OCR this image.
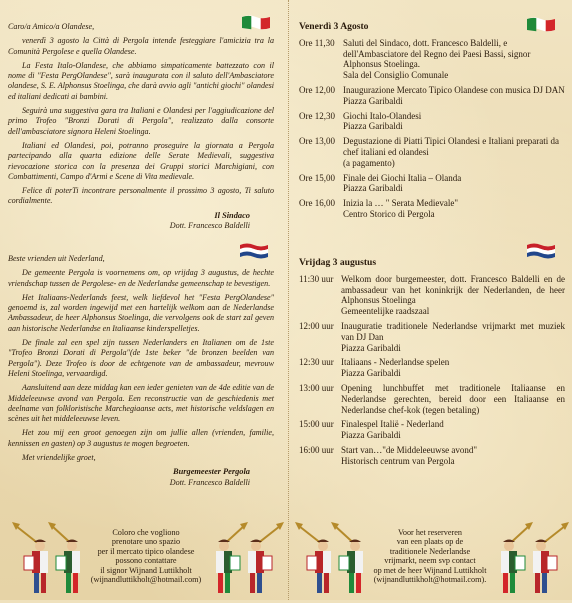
Caro/a Amico/a Olandese,

venerdì 3 agosto la Città di Pergola intende festeggiare l'amicizia tra la Comunità Pergolese e quella Olandese.

La Festa Italo-Olandese, che abbiamo simpaticamente battezzato con il nome di "Festa PergOlandese", sarà inaugurata con il saluto dell'Ambasciatore olandese, S. E. Alphonsus Stoelinga, che darà avvio agli "antichi giochi" olandesi ed italiani dedicati ai bambini.

Seguirà una suggestiva gara tra Italiani e Olandesi per l'aggiudicazione del primo Trofeo "Bronzi Dorati di Pergola", realizzato dalla consorte dell'ambasciatore signora Heleni Stoelinga.

Italiani ed Olandesi, poi, potranno proseguire la giornata a Pergola partecipando alla quarta edizione delle Serate Medievali, suggestiva rievocazione storica con la presenza dei Gruppi storici Marchigiani, con Combattimenti, Campo d'Armi e Scene di Vita medievale.

Felice di poterTi incontrare personalmente il prossimo 3 agosto, Ti saluto cordialmente.

Il Sindaco
Dott. Francesco Baldelli

Beste vrienden uit Nederland,

De gemeente Pergola is voornemens om, op vrijdag 3 augustus, de hechte vriendschap tussen de Pergolese- en de Nederlandse gemeenschap te bevestigen.

Het Italiaans-Nederlands feest, welk liefdevol het "Festa PergOlandese" genoemd is, zal worden ingewijd met een hartelijk welkom aan de Nederlandse Ambassadeur, de heer Alphonsus Stoelinga, die vervolgens ook de start zal geven aan historische Nederlandse en Italiaanse kinderspelletjes.

De finale zal een spel zijn tussen Nederlanders en Italianen om de 1ste "Trofeo Bronzi Dorati di Pergola"(de 1ste beker "de bronzen beelden van Pergola"). Deze Trofeo is door de echtgenote van de ambassadeur, mevrouw Heleni Stoelinga, vervaardigd.

Aansluitend aan deze middag kan een ieder genieten van de 4de editie van de Middeleeuwse avond van Pergola. Een reconstructie van de geschiedenis met deelname van folkloristische Marchegiaanse acts, met historische veldslagen en scènes uit het middeleeuwse leven.

Het zou mij een groot genoegen zijn om jullie allen (vrienden, familie, kennissen en gasten) op 3 augustus te mogen begroeten.

Met vriendelijke groet,

Burgemeester Pergola
Dott. Francesco Baldelli
Coloro che vogliono
prenotare uno spazio
per il mercato tipico olandese
possono contattare
il signor Wijnand Luttikholt
(wijnandluttikholt@hotmail.com)
Venerdì 3 Agosto
Ore 11,30 Saluti del Sindaco, dott. Francesco Baldelli, e dell'Ambasciatore del Regno dei Paesi Bassi, signor Alphonsus Stoelinga.
Sala del Consiglio Comunale
Ore 12,00 Inaugurazione Mercato Tipico Olandese con musica DJ DAN
Piazza Garibaldi
Ore 12,30 Giochi Italo-Olandesi
Piazza Garibaldi
Ore 13,00 Degustazione di Piatti Tipici Olandesi e Italiani preparati da chef italiani ed olandesi
(a pagamento)
Ore 15,00 Finale dei Giochi Italia – Olanda
Piazza Garibaldi
Ore 16,00 Inizia la … " Serata Medievale"
Centro Storico di Pergola
Vrijdag 3 augustus
11:30 uur Welkom door burgemeester, dott. Francesco Baldelli en de ambassadeur van het koninkrijk der Nederlanden, de heer Alphonsus Stoelinga
Gemeentelijke raadszaal
12:00 uur Inauguratie traditionele Nederlandse vrijmarkt met muziek van DJ Dan
Piazza Garibaldi
12:30 uur Italiaans - Nederlandse spelen
Piazza Garibaldi
13:00 uur Opening lunchbuffet met traditionele Italiaanse en Nederlandse gerechten, bereid door een Italiaanse en Nederlandse chef-kok (tegen betaling)
15:00 uur Finalespel Italië - Nederland
Piazza Garibaldi
16:00 uur Start van…"de Middeleeuwse avond"
Historisch centrum van Pergola
Voor het reserveren
van een plaats op de
traditionele Nederlandse
vrijmarkt, neem svp contact
op met de heer Wijnand Luttikholt
(wijnandluttikholt@hotmail.com).
